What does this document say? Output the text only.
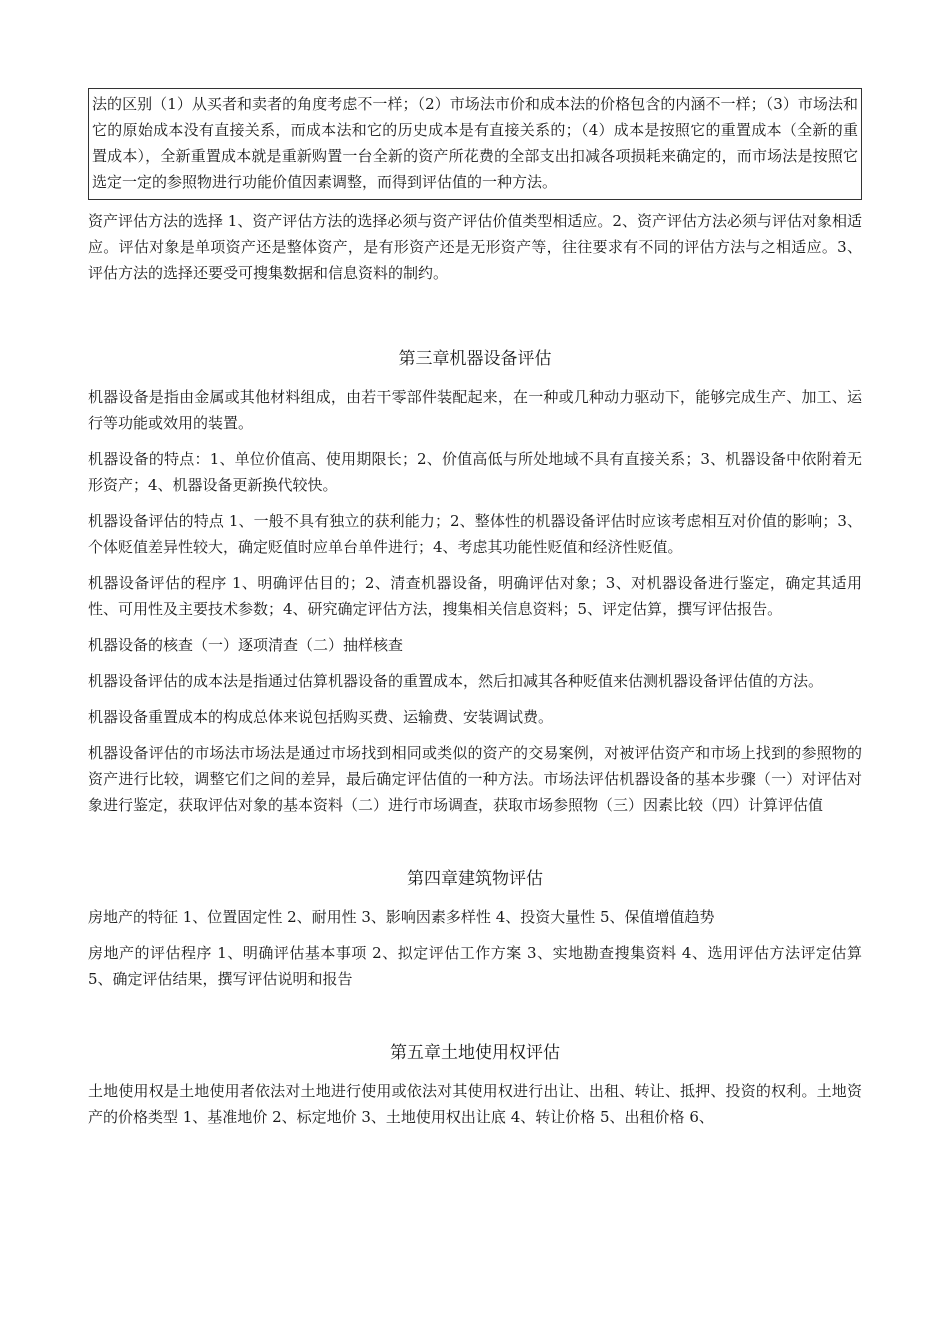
法的区别（1）从买者和卖者的角度考虑不一样；（2）市场法市价和成本法的价格包含的内涵不一样；（3）市场法和它的原始成本没有直接关系，而成本法和它的历史成本是有直接关系的；（4）成本是按照它的重置成本（全新的重置成本），全新重置成本就是重新购置一台全新的资产所花费的全部支出扣减各项损耗来确定的，而市场法是按照它选定一定的参照物进行功能价值因素调整，而得到评估值的一种方法。

资产评估方法的选择 1、资产评估方法的选择必须与资产评估价值类型相适应。2、资产评估方法必须与评估对象相适应。评估对象是单项资产还是整体资产，是有形资产还是无形资产等，往往要求有不同的评估方法与之相适应。3、评估方法的选择还要受可搜集数据和信息资料的制约。

第三章机器设备评估

机器设备是指由金属或其他材料组成，由若干零部件装配起来，在一种或几种动力驱动下，能够完成生产、加工、运行等功能或效用的装置。

机器设备的特点：1、单位价值高、使用期限长；2、价值高低与所处地域不具有直接关系；3、机器设备中依附着无形资产；4、机器设备更新换代较快。

机器设备评估的特点 1、一般不具有独立的获利能力；2、整体性的机器设备评估时应该考虑相互对价值的影响；3、个体贬值差异性较大，确定贬值时应单台单件进行；4、考虑其功能性贬值和经济性贬值。

机器设备评估的程序 1、明确评估目的；2、清查机器设备，明确评估对象；3、对机器设备进行鉴定，确定其适用性、可用性及主要技术参数；4、研究确定评估方法，搜集相关信息资料；5、评定估算，撰写评估报告。

机器设备的核查（一）逐项清查（二）抽样核查

机器设备评估的成本法是指通过估算机器设备的重置成本，然后扣减其各种贬值来估测机器设备评估值的方法。

机器设备重置成本的构成总体来说包括购买费、运输费、安装调试费。

机器设备评估的市场法市场法是通过市场找到相同或类似的资产的交易案例，对被评估资产和市场上找到的参照物的资产进行比较，调整它们之间的差异，最后确定评估值的一种方法。市场法评估机器设备的基本步骤（一）对评估对象进行鉴定，获取评估对象的基本资料（二）进行市场调查，获取市场参照物（三）因素比较（四）计算评估值

第四章建筑物评估

房地产的特征 1、位置固定性 2、耐用性 3、影响因素多样性 4、投资大量性 5、保值增值趋势

房地产的评估程序 1、明确评估基本事项 2、拟定评估工作方案 3、实地勘查搜集资料 4、选用评估方法评定估算 5、确定评估结果，撰写评估说明和报告

第五章土地使用权评估

土地使用权是土地使用者依法对土地进行使用或依法对其使用权进行出让、出租、转让、抵押、投资的权利。土地资产的价格类型 1、基准地价 2、标定地价 3、土地使用权出让底 4、转让价格 5、出租价格 6、
